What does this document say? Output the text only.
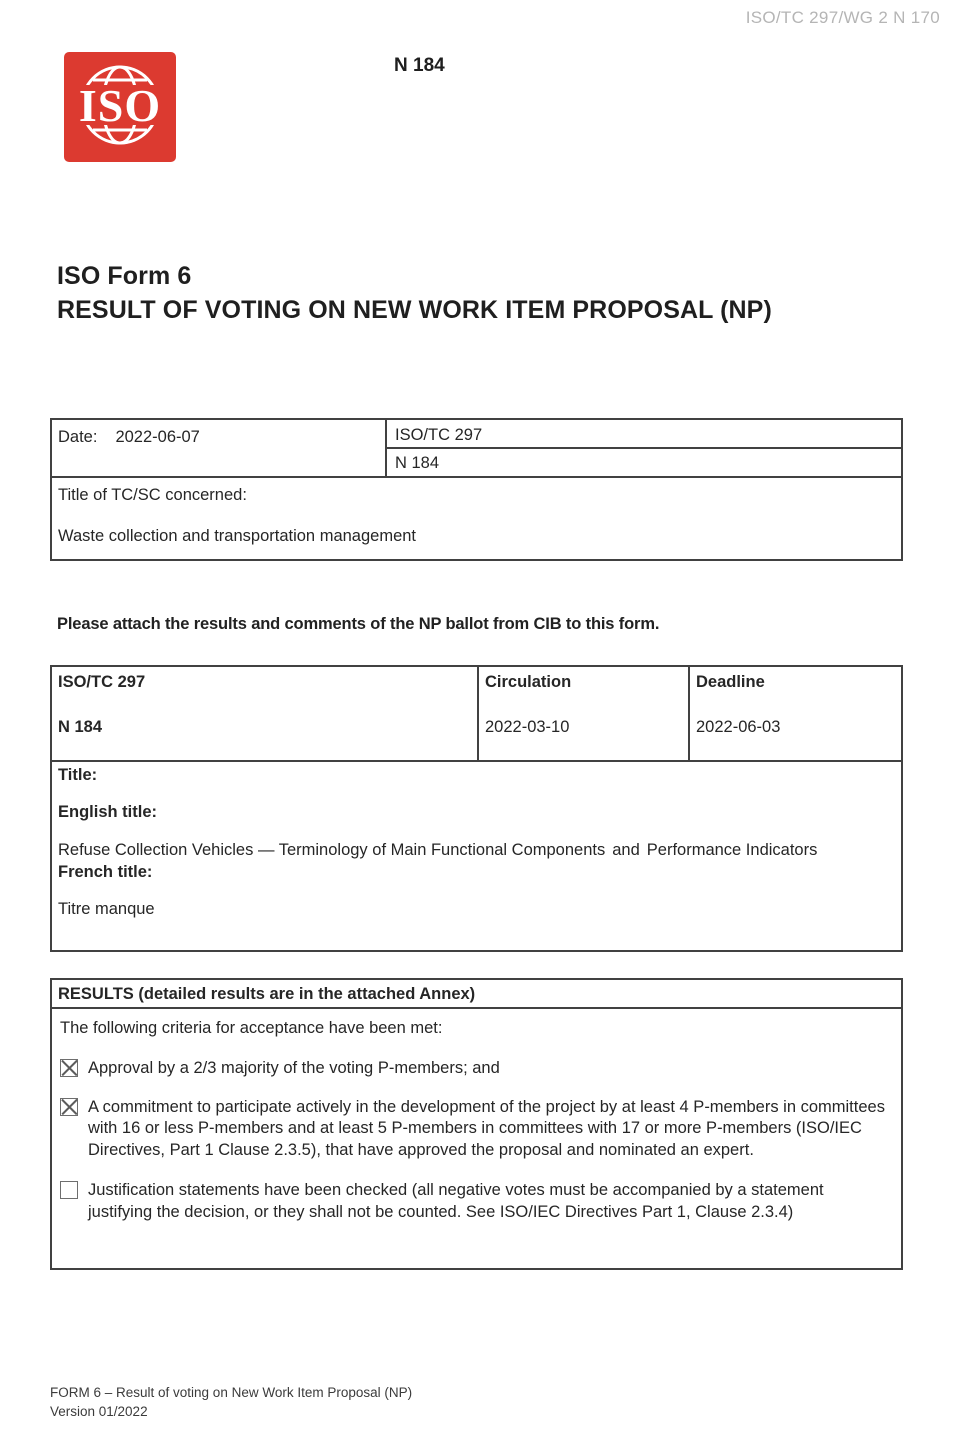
ISO/TC 297/WG 2 N 170
ISO
N 184
ISO Form 6
RESULT OF VOTING ON NEW WORK ITEM PROPOSAL (NP)
Date: 2022-06-07	ISO/TC 297
N 184
Title of TC/SC concerned:
Waste collection and transportation management
Please attach the results and comments of the NP ballot from CIB to this form.
ISO/TC 297
N 184
Circulation
2022-03-10
Deadline
2022-06-03
Title:
English title:
Refuse Collection Vehicles — Terminology of Main Functional Components and Performance Indicators
French title:
Titre manque
RESULTS (detailed results are in the attached Annex)
The following criteria for acceptance have been met:
Approval by a 2/3 majority of the voting P-members; and
A commitment to participate actively in the development of the project by at least 4 P-members in committees with 16 or less P-members and at least 5 P-members in committees with 17 or more P-members (ISO/IEC Directives, Part 1 Clause 2.3.5), that have approved the proposal and nominated an expert.
Justification statements have been checked (all negative votes must be accompanied by a statement justifying the decision, or they shall not be counted. See ISO/IEC Directives Part 1, Clause 2.3.4)
FORM 6 – Result of voting on New Work Item Proposal (NP)
Version 01/2022
